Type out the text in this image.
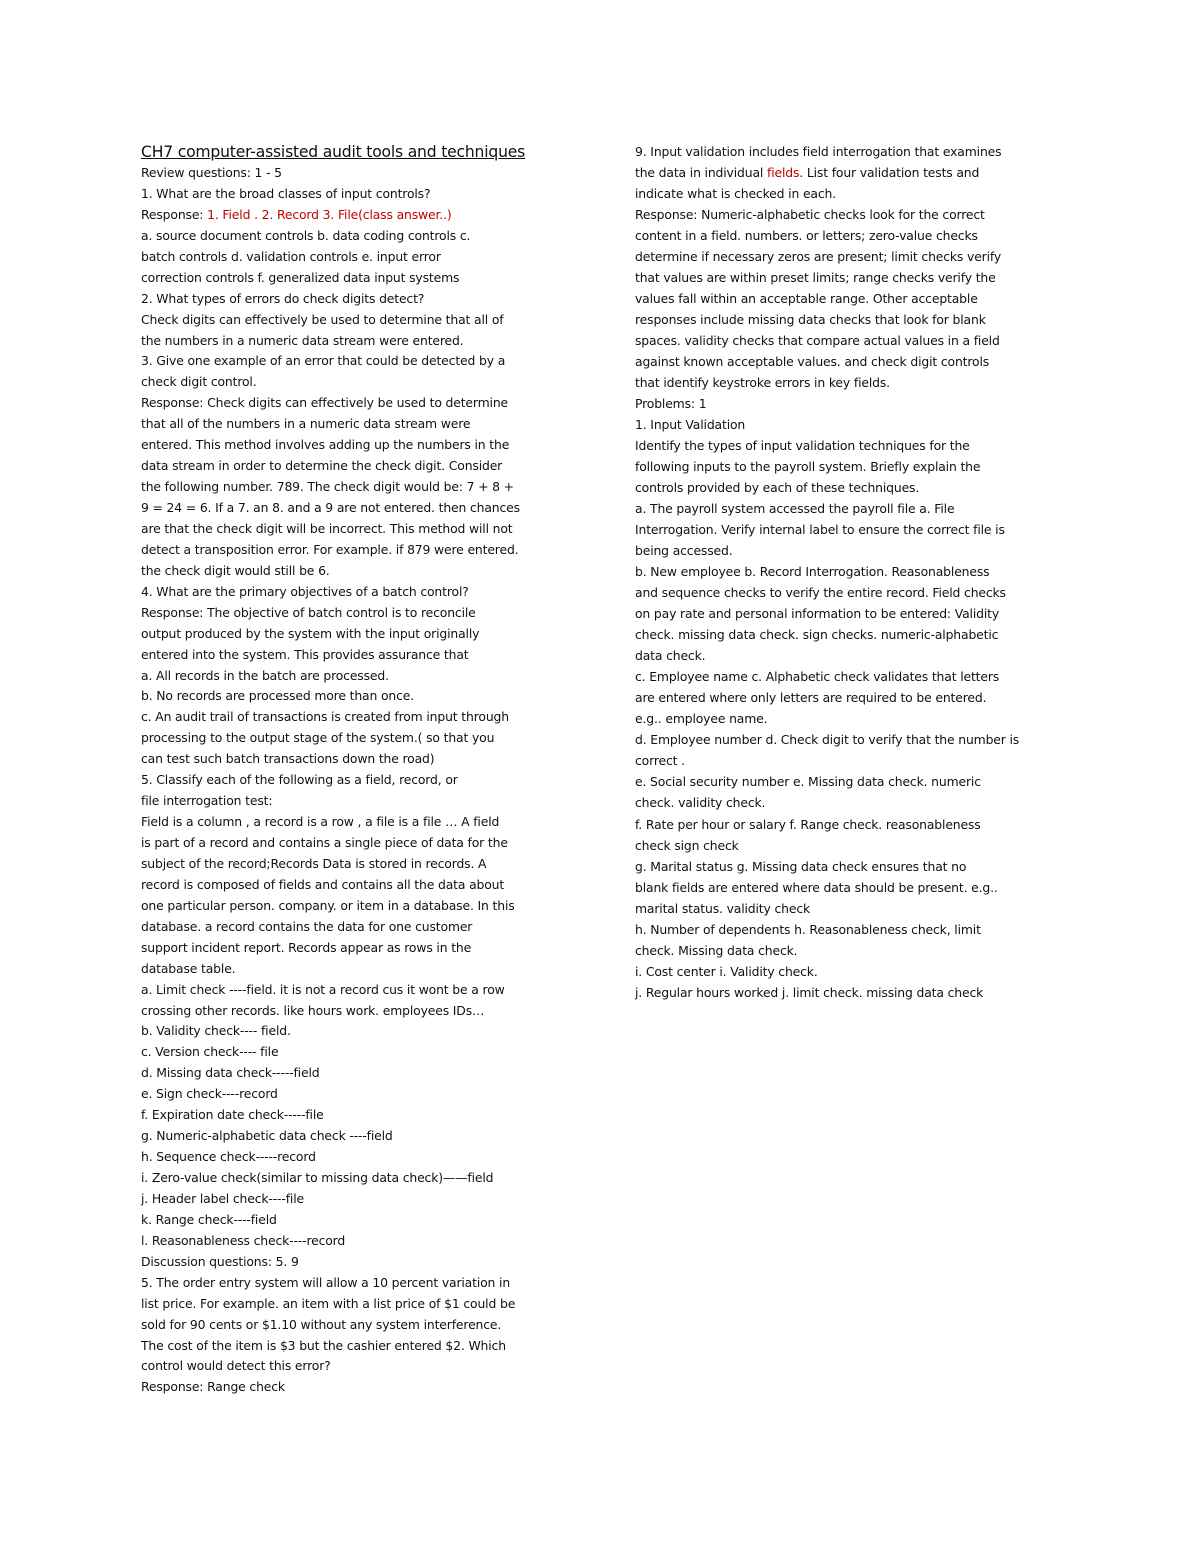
CH7 computer-assisted audit tools and techniques
Review questions: 1 - 5
1. What are the broad classes of input controls?
Response: 1. Field . 2. Record 3. File(class answer..)
a. source document controls b. data coding controls c.
batch controls d. validation controls e. input error
correction controls f. generalized data input systems
2. What types of errors do check digits detect?
Check digits can effectively be used to determine that all of
the numbers in a numeric data stream were entered.
3. Give one example of an error that could be detected by a
check digit control.
Response: Check digits can effectively be used to determine
that all of the numbers in a numeric data stream were
entered. This method involves adding up the numbers in the
data stream in order to determine the check digit. Consider
the following number. 789. The check digit would be: 7 + 8 +
9 = 24 = 6. If a 7. an 8. and a 9 are not entered. then chances
are that the check digit will be incorrect. This method will not
detect a transposition error. For example. if 879 were entered.
the check digit would still be 6.
4. What are the primary objectives of a batch control?
Response: The objective of batch control is to reconcile
output produced by the system with the input originally
entered into the system. This provides assurance that
a. All records in the batch are processed.
b. No records are processed more than once.
c. An audit trail of transactions is created from input through
processing to the output stage of the system.( so that you
can test such batch transactions down the road)
5. Classify each of the following as a field, record, or
file interrogation test:
Field is a column , a record is a row , a file is a file … A field
is part of a record and contains a single piece of data for the
subject of the record;Records Data is stored in records. A
record is composed of fields and contains all the data about
one particular person. company. or item in a database. In this
database. a record contains the data for one customer
support incident report. Records appear as rows in the
database table.
a. Limit check ----field. it is not a record cus it wont be a row
crossing other records. like hours work. employees IDs…
b. Validity check---- field.
c. Version check---- file
d. Missing data check-----field
e. Sign check----record
f. Expiration date check-----file
g. Numeric-alphabetic data check ----field
h. Sequence check-----record
i. Zero-value check(similar to missing data check)——field
j. Header label check----file
k. Range check----field
l. Reasonableness check----record
Discussion questions: 5. 9
5. The order entry system will allow a 10 percent variation in
list price. For example. an item with a list price of $1 could be
sold for 90 cents or $1.10 without any system interference.
The cost of the item is $3 but the cashier entered $2. Which
control would detect this error?
Response: Range check
9. Input validation includes field interrogation that examines
the data in individual fields. List four validation tests and
indicate what is checked in each.
Response: Numeric-alphabetic checks look for the correct
content in a field. numbers. or letters; zero-value checks
determine if necessary zeros are present; limit checks verify
that values are within preset limits; range checks verify the
values fall within an acceptable range. Other acceptable
responses include missing data checks that look for blank
spaces. validity checks that compare actual values in a field
against known acceptable values. and check digit controls
that identify keystroke errors in key fields.
Problems: 1
1. Input Validation
Identify the types of input validation techniques for the
following inputs to the payroll system. Briefly explain the
controls provided by each of these techniques.
a. The payroll system accessed the payroll file a. File
Interrogation. Verify internal label to ensure the correct file is
being accessed.
b. New employee b. Record Interrogation. Reasonableness
and sequence checks to verify the entire record. Field checks
on pay rate and personal information to be entered: Validity
check. missing data check. sign checks. numeric-alphabetic
data check.
c. Employee name c. Alphabetic check validates that letters
are entered where only letters are required to be entered.
e.g.. employee name.
d. Employee number d. Check digit to verify that the number is
correct .
e. Social security number e. Missing data check. numeric
check. validity check.
f. Rate per hour or salary f. Range check. reasonableness
check sign check
g. Marital status g. Missing data check ensures that no
blank fields are entered where data should be present. e.g..
marital status. validity check
h. Number of dependents h. Reasonableness check, limit
check. Missing data check.
i. Cost center i. Validity check.
j. Regular hours worked j. limit check. missing data check
